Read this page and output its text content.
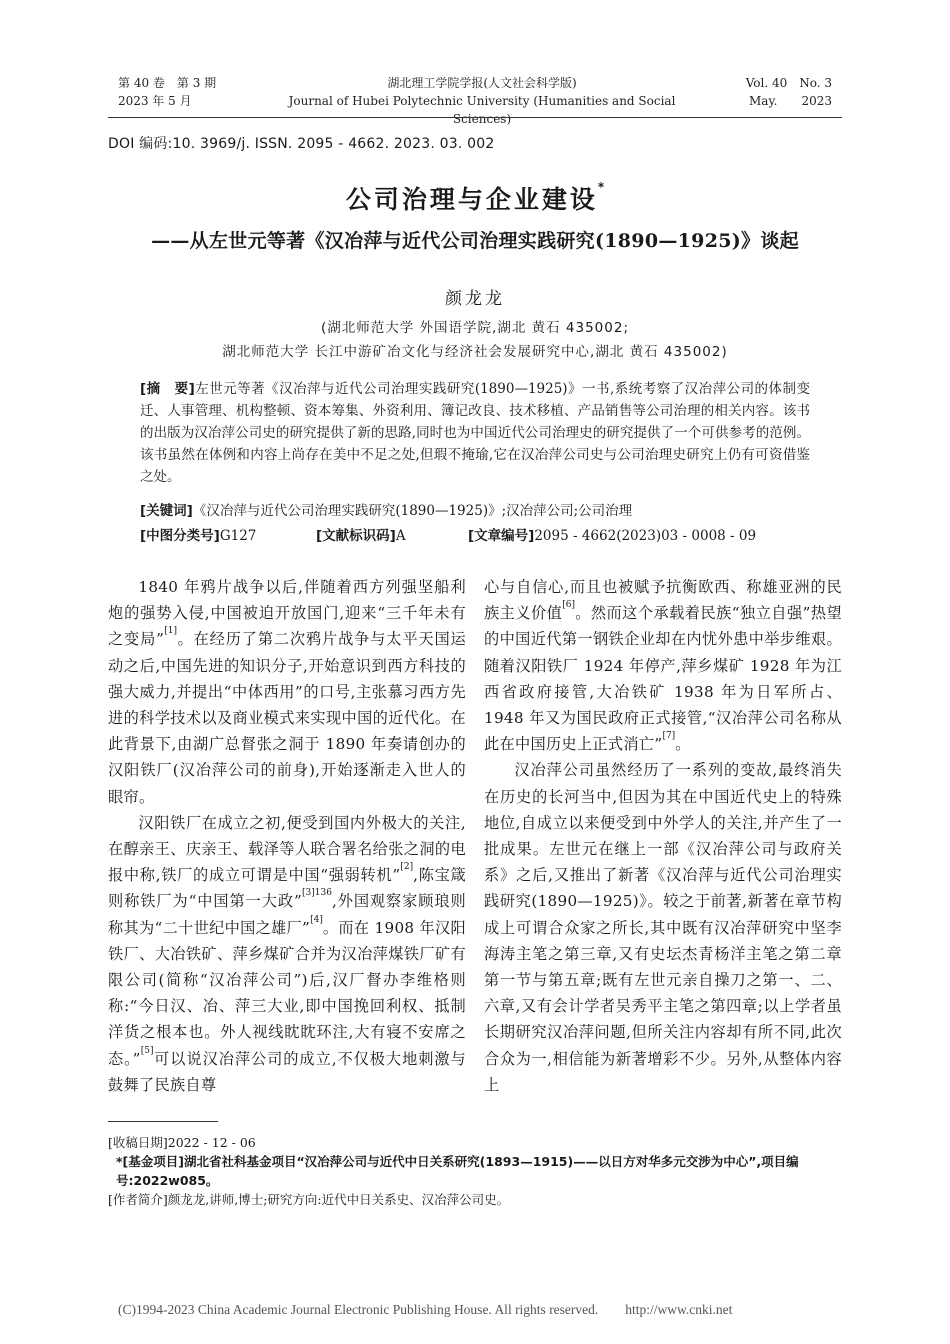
第 40 卷　第 3 期
2023 年 5 月
湖北理工学院学报(人文社会科学版)
Journal of Hubei Polytechnic University (Humanities and Social Sciences)
Vol. 40　No. 3
May.　　2023
DOI 编码:10. 3969/j. ISSN. 2095 - 4662. 2023. 03. 002
公司治理与企业建设*
——从左世元等著《汉冶萍与近代公司治理实践研究(1890—1925)》谈起
颜龙龙
(湖北师范大学 外国语学院,湖北 黄石 435002;
湖北师范大学 长江中游矿冶文化与经济社会发展研究中心,湖北 黄石 435002)
[摘　要]左世元等著《汉冶萍与近代公司治理实践研究(1890—1925)》一书,系统考察了汉冶萍公司的体制变迁、人事管理、机构整顿、资本筹集、外资利用、簿记改良、技术移植、产品销售等公司治理的相关内容。该书的出版为汉冶萍公司史的研究提供了新的思路,同时也为中国近代公司治理史的研究提供了一个可供参考的范例。该书虽然在体例和内容上尚存在美中不足之处,但瑕不掩瑜,它在汉冶萍公司史与公司治理史研究上仍有可资借鉴之处。
[关键词]《汉冶萍与近代公司治理实践研究(1890—1925)》;汉冶萍公司;公司治理
[中图分类号]G127	[文献标识码]A	[文章编号]2095 - 4662(2023)03 - 0008 - 09

1840 年鸦片战争以后,伴随着西方列强坚船利炮的强势入侵,中国被迫开放国门,迎来“三千年未有之变局”[1]。在经历了第二次鸦片战争与太平天国运动之后,中国先进的知识分子,开始意识到西方科技的强大威力,并提出“中体西用”的口号,主张慕习西方先进的科学技术以及商业模式来实现中国的近代化。在此背景下,由湖广总督张之洞于 1890 年奏请创办的汉阳铁厂(汉冶萍公司的前身),开始逐渐走入世人的眼帘。

汉阳铁厂在成立之初,便受到国内外极大的关注,在醇亲王、庆亲王、载泽等人联合署名给张之洞的电报中称,铁厂的成立可谓是中国“强弱转机”[2],陈宝箴则称铁厂为“中国第一大政”$^{[3]136}$,外国观察家顾琅则称其为“二十世纪中国之雄厂”[4]。而在 1908 年汉阳铁厂、大冶铁矿、萍乡煤矿合并为汉冶萍煤铁厂矿有限公司(简称“汉冶萍公司”)后,汉厂督办李维格则称:“今日汉、冶、萍三大业,即中国挽回利权、抵制洋货之根本也。外人视线眈眈环注,大有寝不安席之态。”[5]可以说汉冶萍公司的成立,不仅极大地刺激与鼓舞了民族自尊

心与自信心,而且也被赋予抗衡欧西、称雄亚洲的民族主义价值[6]。然而这个承载着民族“独立自强”热望的中国近代第一钢铁企业却在内忧外患中举步维艰。随着汉阳铁厂 1924 年停产,萍乡煤矿 1928 年为江西省政府接管,大冶铁矿 1938 年为日军所占、1948 年又为国民政府正式接管,“汉冶萍公司名称从此在中国历史上正式消亡”[7]。

汉冶萍公司虽然经历了一系列的变故,最终消失在历史的长河当中,但因为其在中国近代史上的特殊地位,自成立以来便受到中外学人的关注,并产生了一批成果。左世元在继上一部《汉冶萍公司与政府关系》之后,又推出了新著《汉冶萍与近代公司治理实践研究(1890—1925)》。较之于前著,新著在章节构成上可谓合众家之所长,其中既有汉冶萍研究中坚李海涛主笔之第三章,又有史坛杰青杨洋主笔之第二章第一节与第五章;既有左世元亲自操刀之第一、二、六章,又有会计学者吴秀平主笔之第四章;以上学者虽长期研究汉冶萍问题,但所关注内容却有所不同,此次合众为一,相信能为新著增彩不少。另外,从整体内容上

[收稿日期]2022 - 12 - 06
*[基金项目]湖北省社科基金项目“汉冶萍公司与近代中日关系研究(1893—1915)——以日方对华多元交涉为中心”,项目编号:2022w085。
[作者简介]颜龙龙,讲师,博士;研究方向:近代中日关系史、汉冶萍公司史。
(C)1994-2023 China Academic Journal Electronic Publishing House. All rights reserved.　　http://www.cnki.net
